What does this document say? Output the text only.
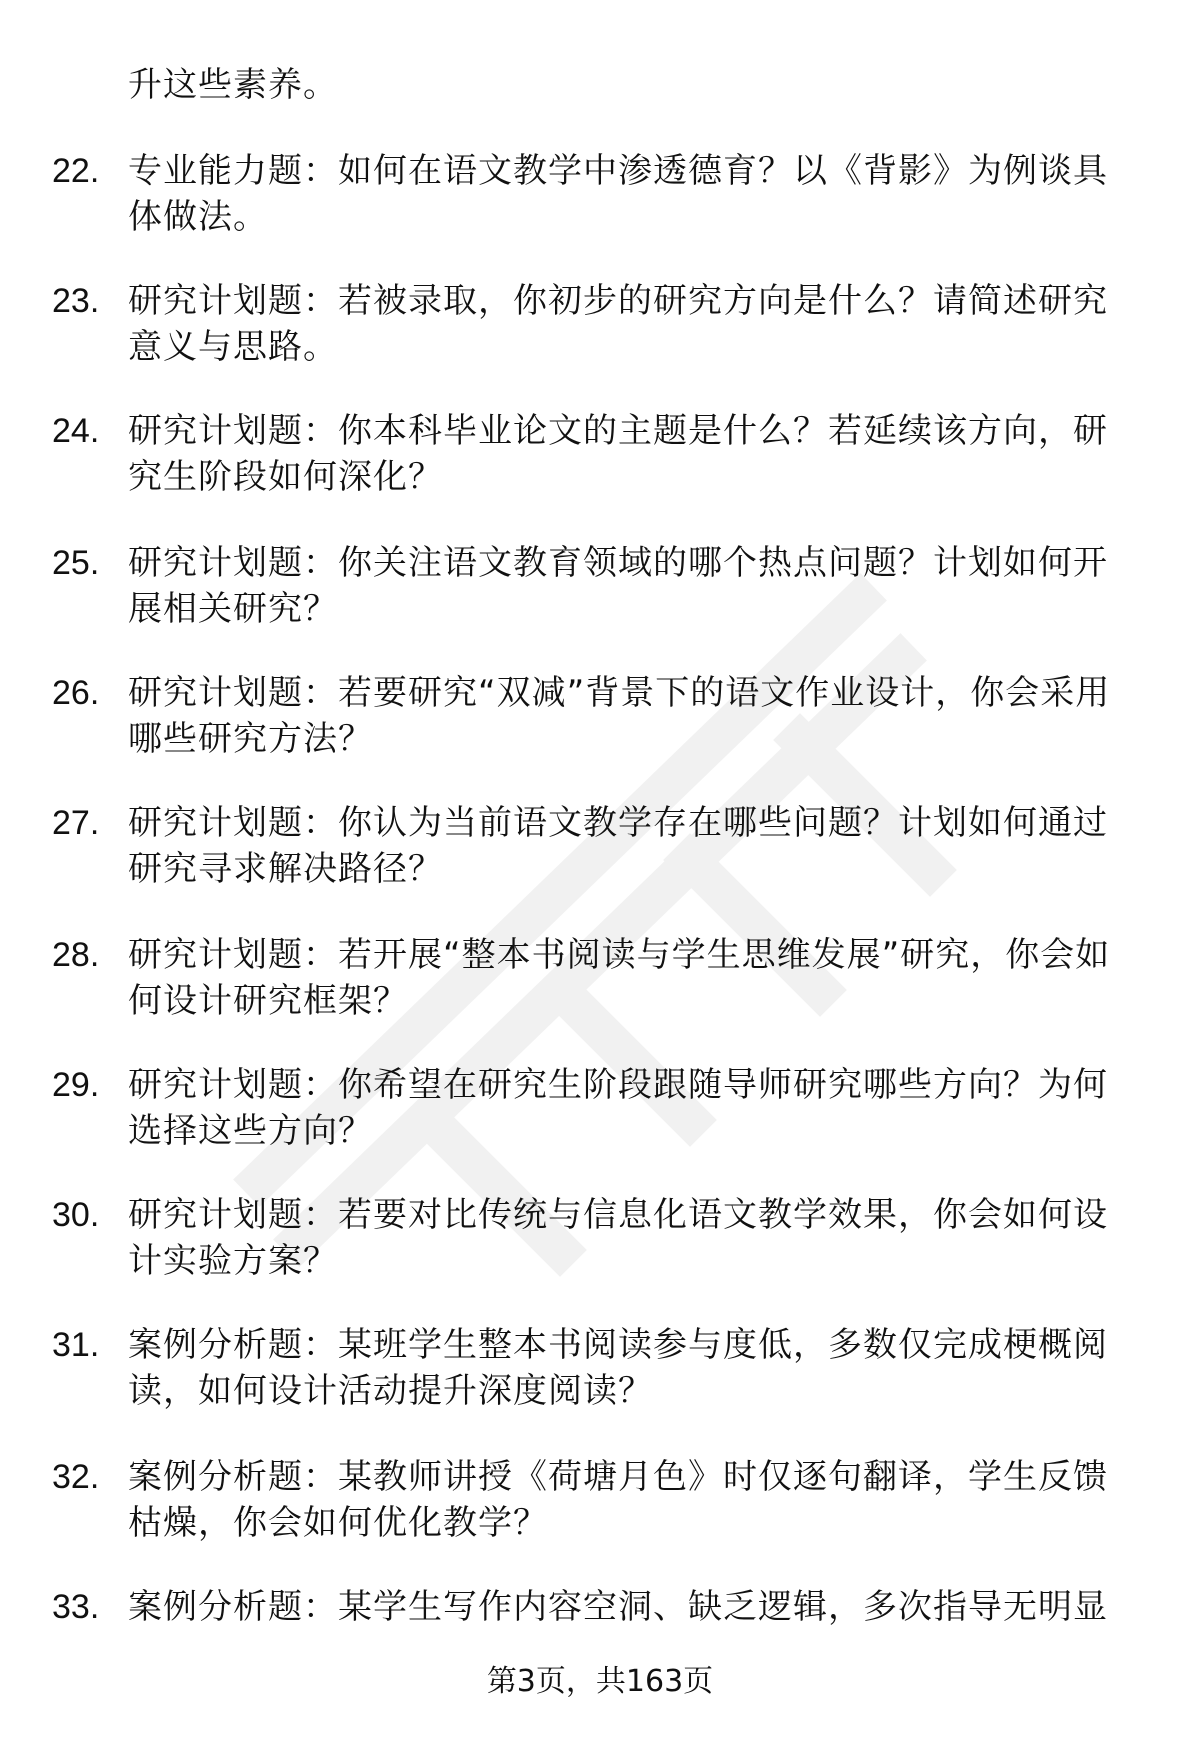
升这些素养。
22. 专业能力题：如何在语文教学中渗透德育？以《背影》为例谈具体做法。
23. 研究计划题：若被录取，你初步的研究方向是什么？请简述研究意义与思路。
24. 研究计划题：你本科毕业论文的主题是什么？若延续该方向，研究生阶段如何深化？
25. 研究计划题：你关注语文教育领域的哪个热点问题？计划如何开展相关研究？
26. 研究计划题：若要研究“双减”背景下的语文作业设计，你会采用哪些研究方法？
27. 研究计划题：你认为当前语文教学存在哪些问题？计划如何通过研究寻求解决路径？
28. 研究计划题：若开展“整本书阅读与学生思维发展”研究，你会如何设计研究框架？
29. 研究计划题：你希望在研究生阶段跟随导师研究哪些方向？为何选择这些方向？
30. 研究计划题：若要对比传统与信息化语文教学效果，你会如何设计实验方案？
31. 案例分析题：某班学生整本书阅读参与度低，多数仅完成梗概阅读，如何设计活动提升深度阅读？
32. 案例分析题：某教师讲授《荷塘月色》时仅逐句翻译，学生反馈枯燥，你会如何优化教学？
33. 案例分析题：某学生写作内容空洞、缺乏逻辑，多次指导无明显
第3页，共163页
